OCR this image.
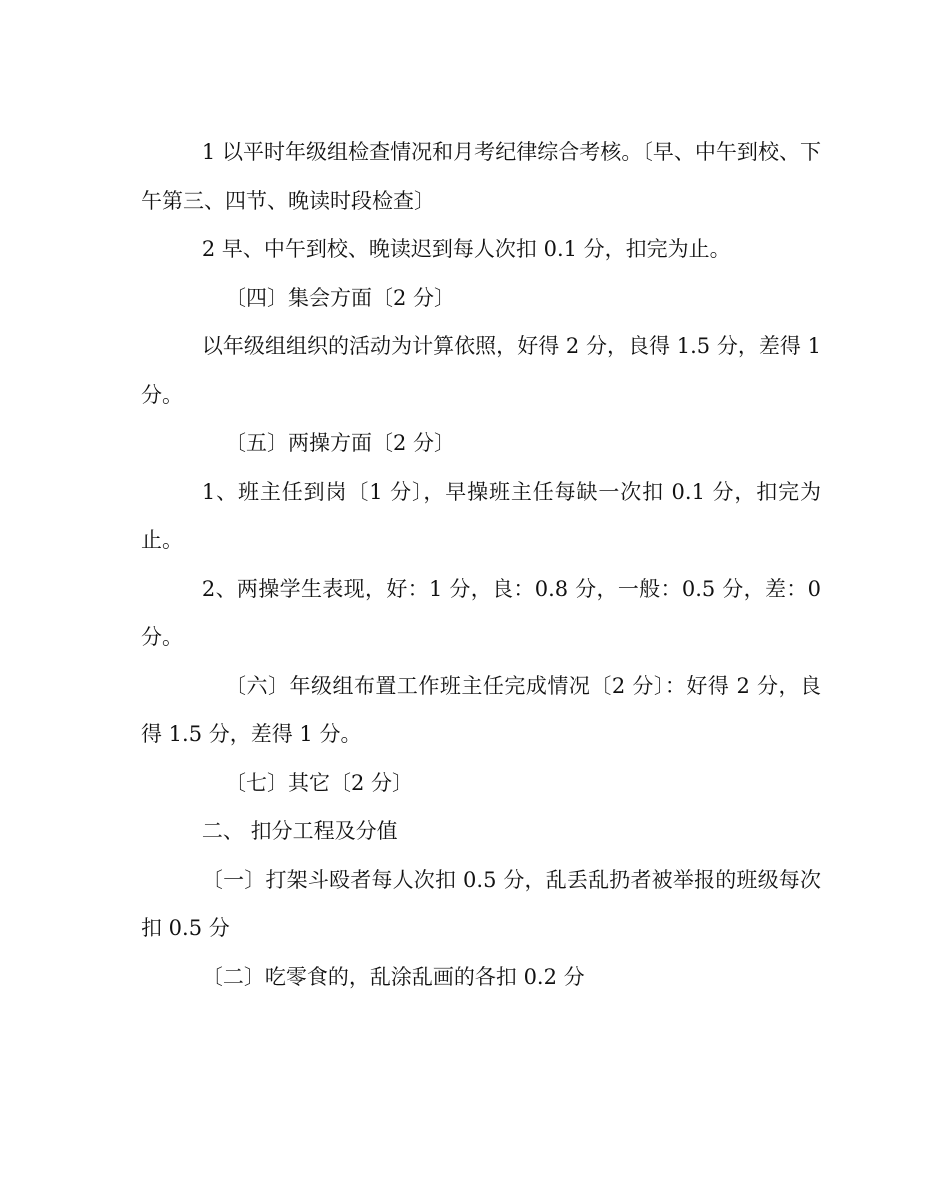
1 以平时年级组检查情况和月考纪律综合考核。〔早、中午到校、下午第三、四节、晚读时段检查〕

2 早、中午到校、晚读迟到每人次扣 0.1 分，扣完为止。

〔四〕集会方面〔2 分〕

以年级组组织的活动为计算依照，好得 2 分，良得 1.5 分，差得 1 分。

〔五〕两操方面〔2 分〕

1、班主任到岗〔1 分〕，早操班主任每缺一次扣 0.1 分，扣完为止。

2、两操学生表现，好：1 分，良：0.8 分，一般：0.5 分，差：0 分。

〔六〕年级组布置工作班主任完成情况〔2 分〕：好得 2 分，良得 1.5 分，差得 1 分。

〔七〕其它〔2 分〕

二、 扣分工程及分值

〔一〕打架斗殴者每人次扣 0.5 分，乱丢乱扔者被举报的班级每次扣 0.5 分

〔二〕吃零食的，乱涂乱画的各扣 0.2 分
